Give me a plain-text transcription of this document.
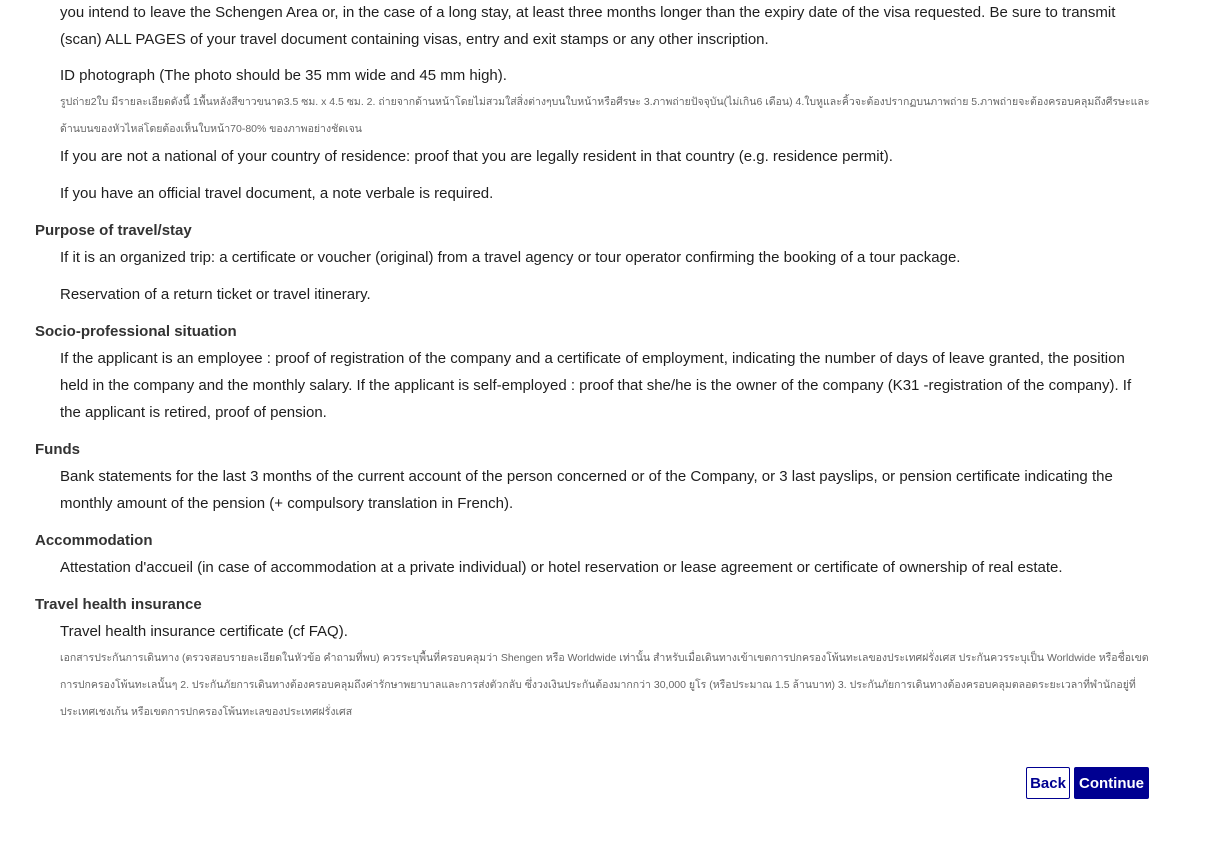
you intend to leave the Schengen Area or, in the case of a long stay, at least three months longer than the expiry date of the visa requested. Be sure to transmit (scan) ALL PAGES of your travel document containing visas, entry and exit stamps or any other inscription.

ID photograph (The photo should be 35 mm wide and 45 mm high).

รูปถ่าย2ใบ มีรายละเอียดดังนี้ 1พื้นหลังสีขาวขนาด3.5 ซม. x 4.5 ซม. 2. ถ่ายจากด้านหน้าโดยไม่สวมใส่สิ่งต่างๆบนใบหน้าหรือศีรษะ 3.ภาพถ่ายปัจจุบัน(ไม่เกิน6 เดือน) 4.ใบหูและคิ้วจะต้องปรากฏบนภาพถ่าย 5.ภาพถ่ายจะต้องครอบคลุมถึงศีรษะและด้านบนของหัวไหล่โดยต้องเห็นใบหน้า70-80% ของภาพอย่างชัดเจน

If you are not a national of your country of residence: proof that you are legally resident in that country (e.g. residence permit).

If you have an official travel document, a note verbale is required.

Purpose of travel/stay

If it is an organized trip: a certificate or voucher (original) from a travel agency or tour operator confirming the booking of a tour package.

Reservation of a return ticket or travel itinerary.

Socio-professional situation

If the applicant is an employee : proof of registration of the company and a certificate of employment, indicating the number of days of leave granted, the position held in the company and the monthly salary. If the applicant is self-employed : proof that she/he is the owner of the company (K31 -registration of the company). If the applicant is retired, proof of pension.

Funds

Bank statements for the last 3 months of the current account of the person concerned or of the Company, or 3 last payslips, or pension certificate indicating the monthly amount of the pension (+ compulsory translation in French).

Accommodation

Attestation d'accueil (in case of accommodation at a private individual) or hotel reservation or lease agreement or certificate of ownership of real estate.

Travel health insurance

Travel health insurance certificate (cf FAQ).

เอกสารประกันการเดินทาง (ตรวจสอบรายละเอียดในหัวข้อ คำถามที่พบ) ควรระบุพื้นที่ครอบคลุมว่า Shengen หรือ Worldwide เท่านั้น สำหรับเมื่อเดินทางเข้าเขตการปกครองโพ้นทะเลของประเทศฝรั่งเศส ประกันควรระบุเป็น Worldwide หรือชื่อเขตการปกครองโพ้นทะเลนั้นๆ 2. ประกันภัยการเดินทางต้องครอบคลุมถึงค่ารักษาพยาบาลและการส่งตัวกลับ ซึ่งวงเงินประกันต้องมากกว่า 30,000 ยูโร (หรือประมาณ 1.5 ล้านบาท) 3. ประกันภัยการเดินทางต้องครอบคลุมตลอดระยะเวลาที่พำนักอยู่ที่ประเทศเชงเก้น หรือเขตการปกครองโพ้นทะเลของประเทศฝรั่งเศส

Back Continue
